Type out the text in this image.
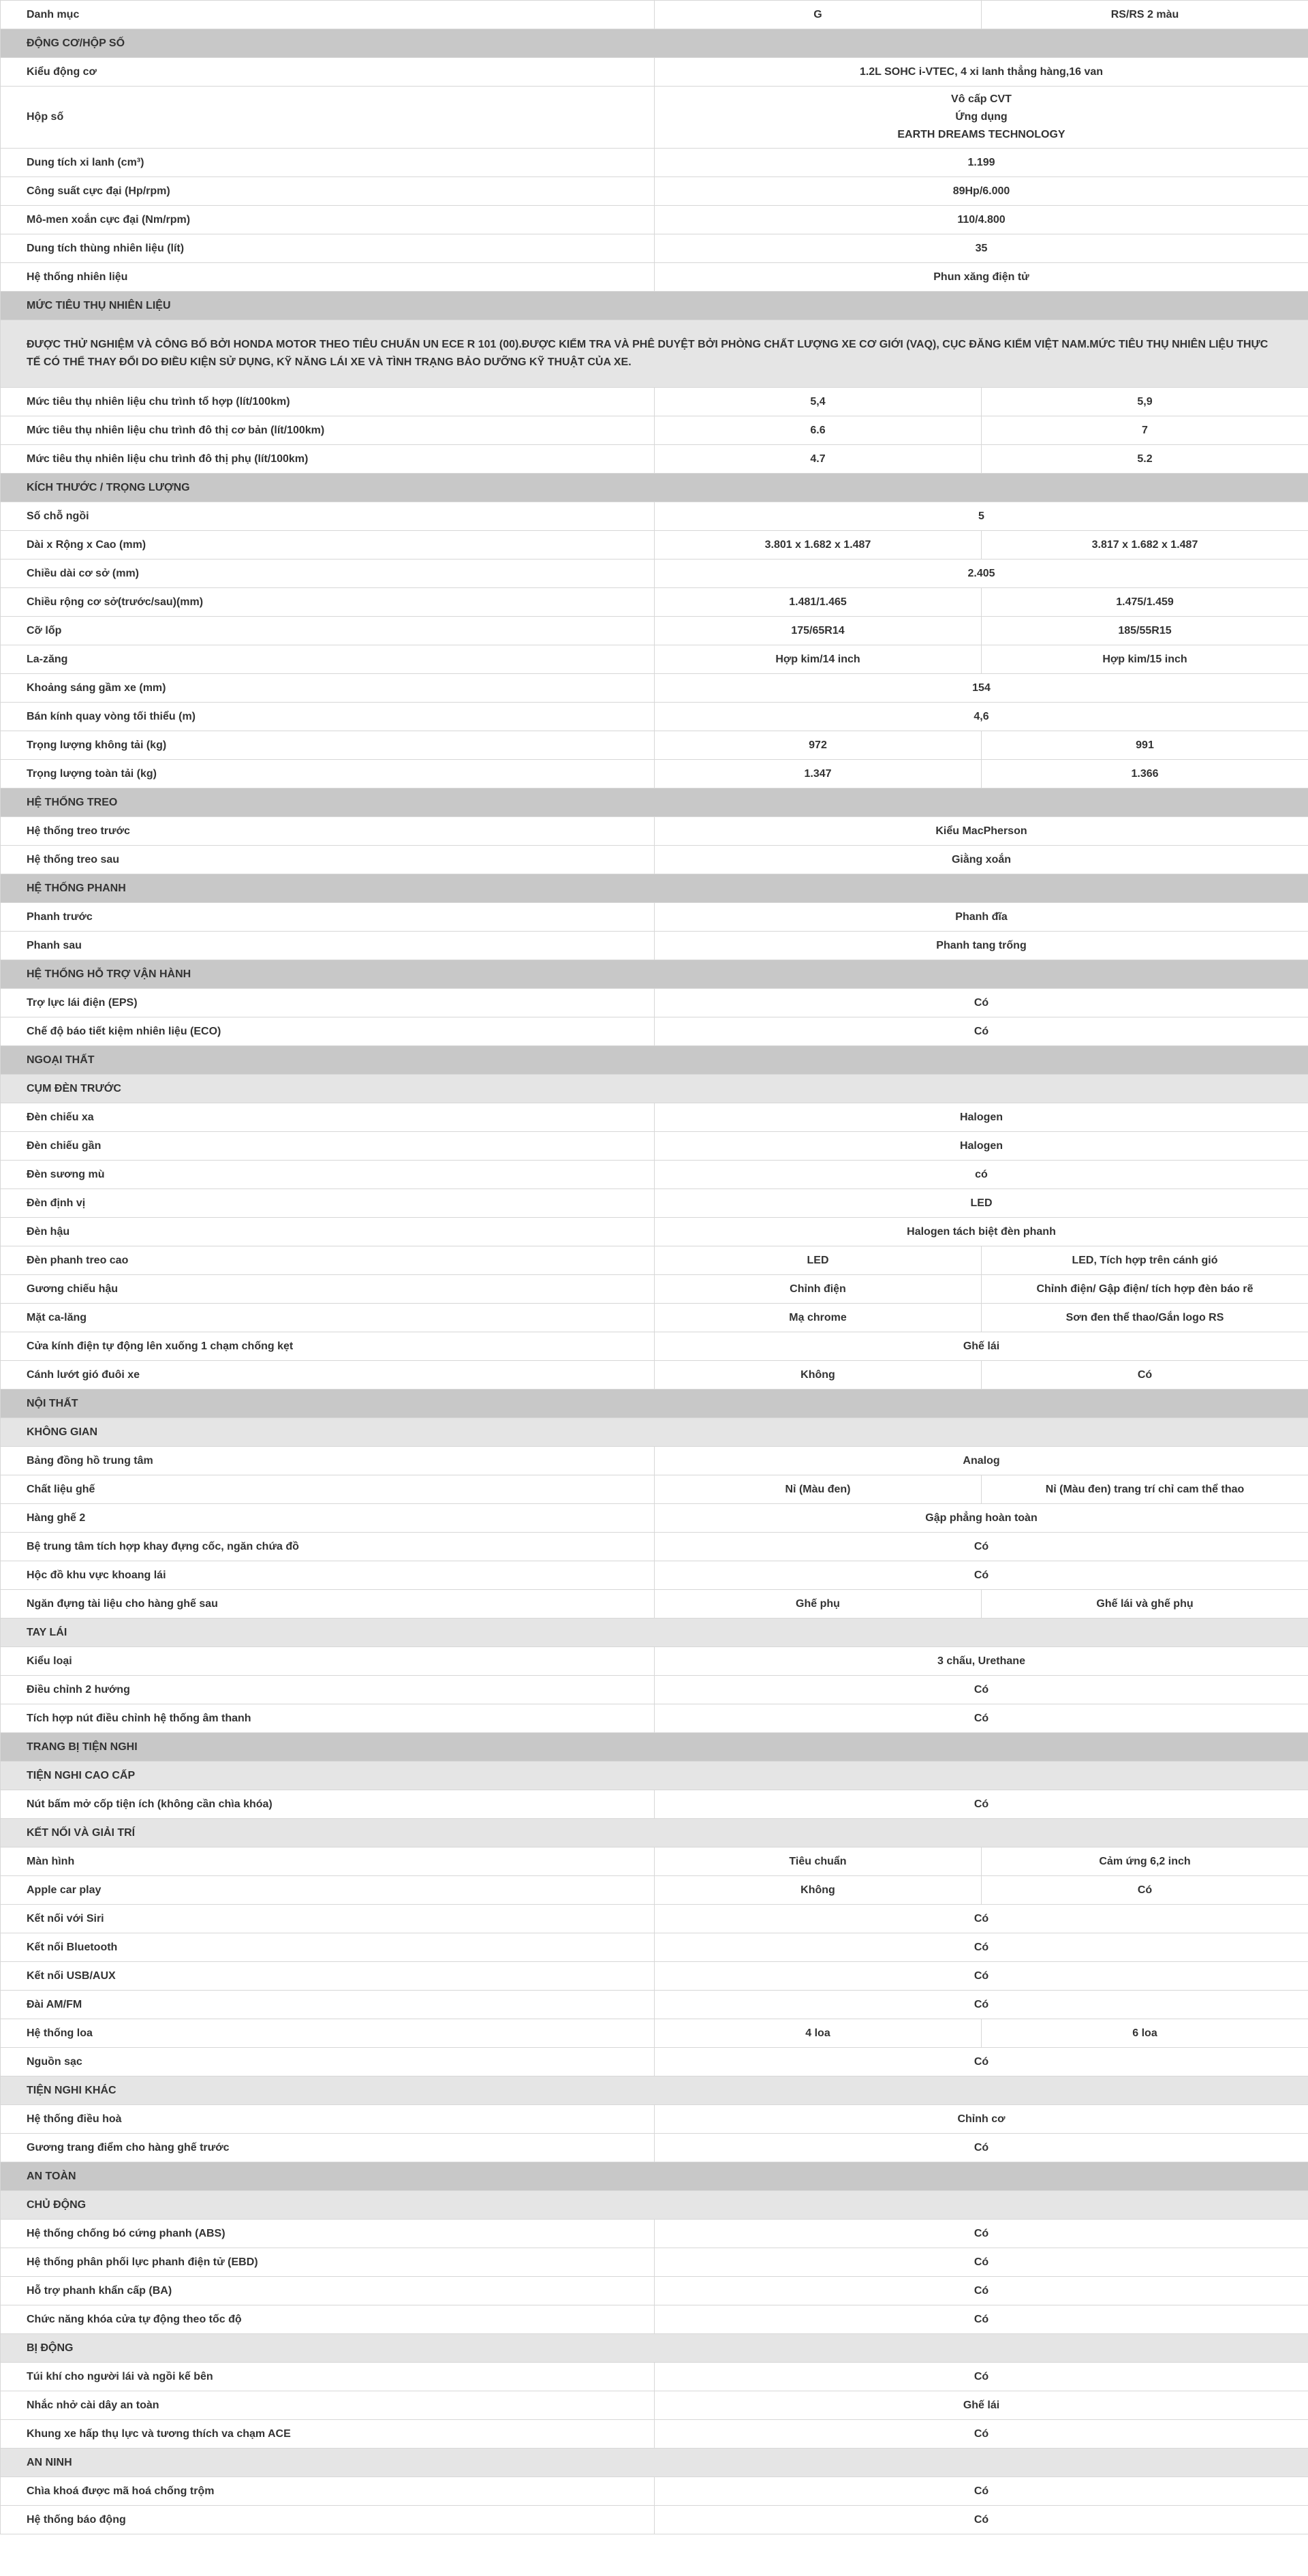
Danh mục	G	RS/RS 2 màu
ĐỘNG CƠ/HỘP SỐ		
Kiểu động cơ	1.2L SOHC i-VTEC, 4 xi lanh thẳng hàng,16 van	
Hộp số	Vô cấp CVT
Ứng dụng
EARTH DREAMS TECHNOLOGY	

Dung tích xi lanh (cm³)	1.199	
Công suất cực đại (Hp/rpm)	89Hp/6.000	
Mô-men xoắn cực đại (Nm/rpm)	110/4.800	
Dung tích thùng nhiên liệu (lít)	35	
Hệ thống nhiên liệu	Phun xăng điện tử	
MỨC TIÊU THỤ NHIÊN LIỆU		
ĐƯỢC THỬ NGHIỆM VÀ CÔNG BỐ BỞI HONDA MOTOR THEO TIÊU CHUẨN UN ECE R 101 (00).ĐƯỢC KIỂM TRA VÀ PHÊ DUYỆT BỞI PHÒNG CHẤT LƯỢNG XE CƠ GIỚI (VAQ), CỤC ĐĂNG KIỂM VIỆT NAM.MỨC TIÊU THỤ NHIÊN LIỆU THỰC TẾ CÓ THỂ THAY ĐỔI DO ĐIỀU KIỆN SỬ DỤNG, KỸ NĂNG LÁI XE VÀ TÌNH TRẠNG BẢO DƯỠNG KỸ THUẬT CỦA XE.		
Mức tiêu thụ nhiên liệu chu trình tổ hợp (lít/100km)	5,4	5,9
Mức tiêu thụ nhiên liệu chu trình đô thị cơ bản (lít/100km)	6.6	7
Mức tiêu thụ nhiên liệu chu trình đô thị phụ (lít/100km)	4.7	5.2
KÍCH THƯỚC / TRỌNG LƯỢNG		
Số chỗ ngồi	5	
Dài x Rộng x Cao (mm)	3.801 x 1.682 x 1.487	3.817 x 1.682 x 1.487
Chiều dài cơ sở (mm)	2.405	
Chiều rộng cơ sở(trước/sau)(mm)	1.481/1.465	1.475/1.459
Cỡ lốp	175/65R14	185/55R15
La-zăng	Hợp kim/14 inch	Hợp kim/15 inch
Khoảng sáng gầm xe (mm)	154	
Bán kính quay vòng tối thiểu (m)	4,6	
Trọng lượng không tải (kg)	972	991
Trọng lượng toàn tải (kg)	1.347	1.366
HỆ THỐNG TREO		
Hệ thống treo trước	Kiểu MacPherson	
Hệ thống treo sau	Giằng xoắn	
HỆ THỐNG PHANH		
Phanh trước	Phanh đĩa	
Phanh sau	Phanh tang trống	
HỆ THỐNG HỖ TRỢ VẬN HÀNH		
Trợ lực lái điện (EPS)	Có	
Chế độ báo tiết kiệm nhiên liệu (ECO)	Có	
NGOẠI THẤT		
CỤM ĐÈN TRƯỚC		
Đèn chiếu xa	Halogen	
Đèn chiếu gần	Halogen	
Đèn sương mù	có	
Đèn định vị	LED	
Đèn hậu	Halogen tách biệt đèn phanh	
Đèn phanh treo cao	LED	LED, Tích hợp trên cánh gió
Gương chiếu hậu	Chỉnh điện	Chỉnh điện/ Gập điện/ tích hợp đèn báo rẽ
Mặt ca-lăng	Mạ chrome	Sơn đen thể thao/Gắn logo RS
Cửa kính điện tự động lên xuống 1 chạm chống kẹt	Ghế lái	
Cánh lướt gió đuôi xe	Không	Có
NỘI THẤT		
KHÔNG GIAN		
Bảng đồng hồ trung tâm	Analog	
Chất liệu ghế	Nỉ (Màu đen)	Nỉ (Màu đen) trang trí chỉ cam thể thao
Hàng ghế 2	Gập phẳng hoàn toàn	
Bệ trung tâm tích hợp khay đựng cốc, ngăn chứa đồ	Có	
Hộc đồ khu vực khoang lái	Có	
Ngăn đựng tài liệu cho hàng ghế sau	Ghế phụ	Ghế lái và ghế phụ
TAY LÁI		
Kiểu loại	3 chấu, Urethane	
Điều chỉnh 2 hướng	Có	
Tích hợp nút điều chỉnh hệ thống âm thanh	Có	
TRANG BỊ TIỆN NGHI		
TIỆN NGHI CAO CẤP		
Nút bấm mở cốp tiện ích (không cần chìa khóa)	Có	
KẾT NỐI VÀ GIẢI TRÍ		
Màn hình	Tiêu chuẩn	Cảm ứng 6,2 inch
Apple car play	Không	Có
Kết nối với Siri	Có	
Kết nối Bluetooth	Có	
Kết nối USB/AUX	Có	
Đài AM/FM	Có	
Hệ thống loa	4 loa	6 loa
Nguồn sạc	Có	
TIỆN NGHI KHÁC		
Hệ thống điều hoà	Chỉnh cơ	
Gương trang điểm cho hàng ghế trước	Có	
AN TOÀN		
CHỦ ĐỘNG		
Hệ thống chống bó cứng phanh (ABS)	Có	
Hệ thống phân phối lực phanh điện tử (EBD)	Có	
Hỗ trợ phanh khẩn cấp (BA)	Có	
Chức năng khóa cửa tự động theo tốc độ	Có	
BỊ ĐỘNG		
Túi khí cho người lái và ngồi kế bên	Có	
Nhắc nhở cài dây an toàn	Ghế lái	
Khung xe hấp thụ lực và tương thích va chạm ACE	Có	
AN NINH		
Chìa khoá được mã hoá chống trộm	Có	
Hệ thống báo động	Có	
